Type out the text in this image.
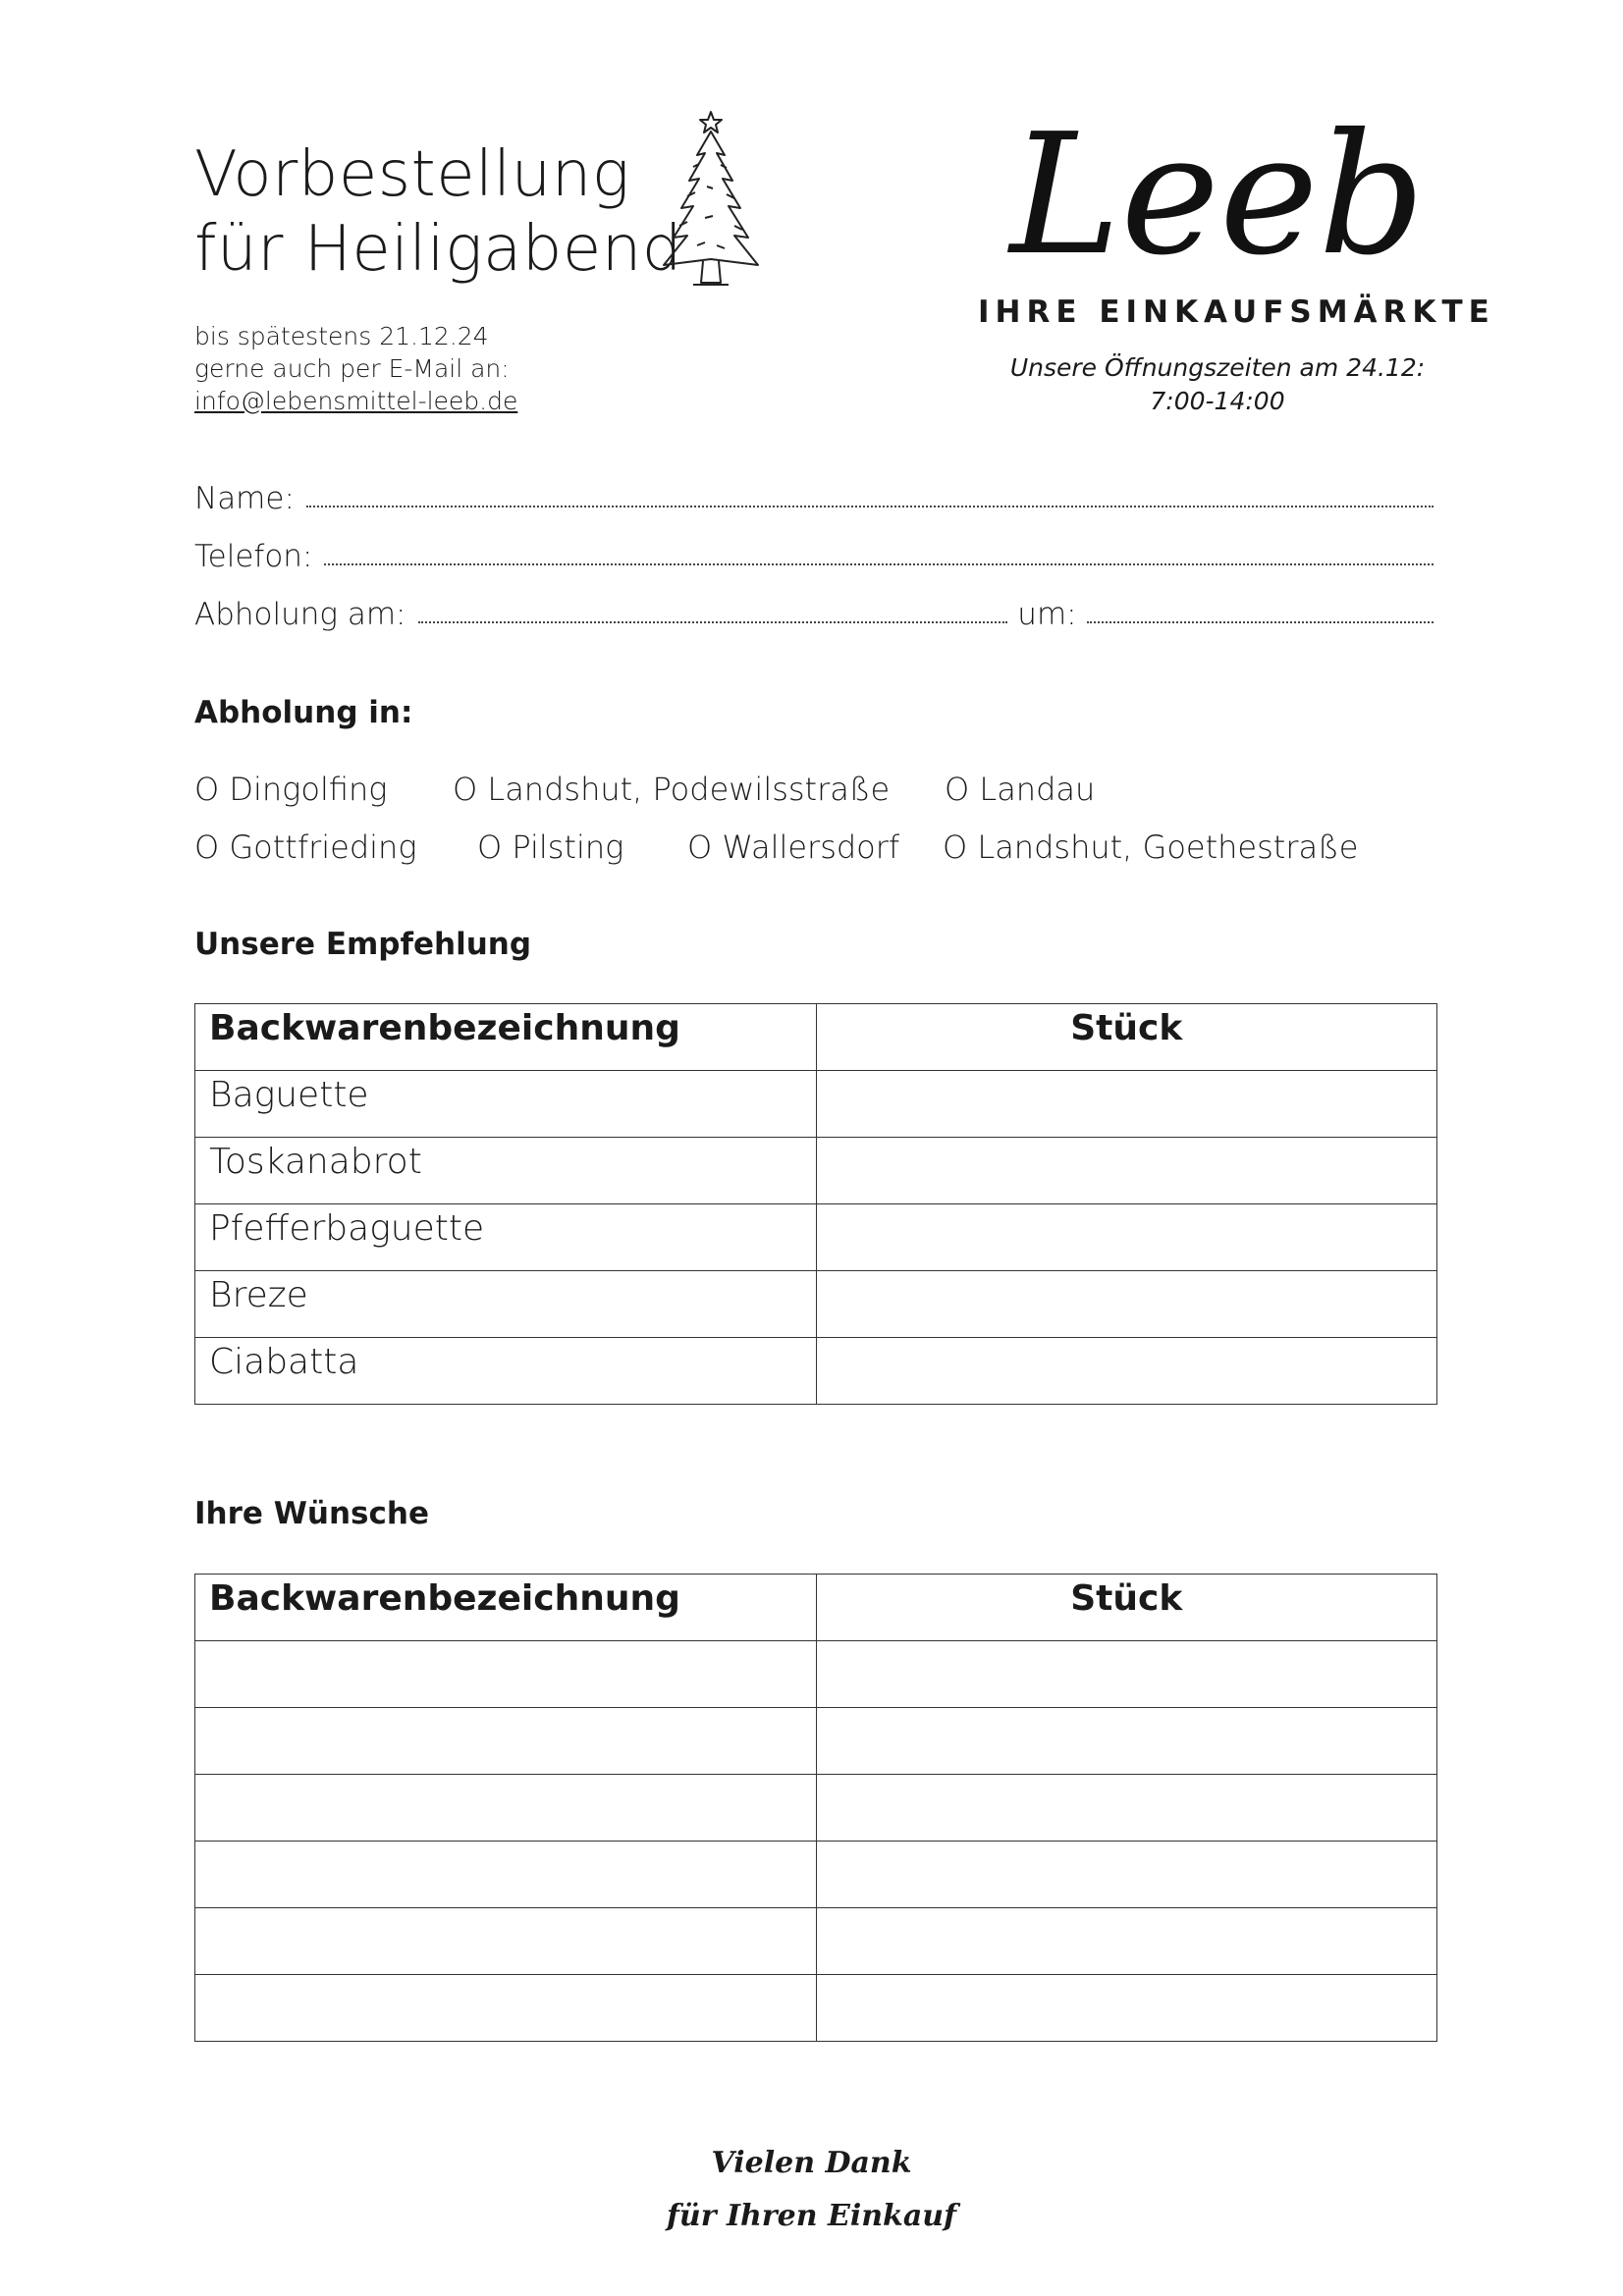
Vorbestellung
für Heiligabend
bis spätestens 21.12.24
gerne auch per E-Mail an:
info@lebensmittel-leeb.de
Leeb
IHRE EINKAUFSMÄRKTE
Unsere Öffnungszeiten am 24.12:
7:00-14:00
Name:
Telefon:
Abholung am:	um:
Abholung in:
O Dingolfing O Landshut, Podewilsstraße O Landau
O Gottfrieding O Pilsting O Wallersdorf O Landshut, Goethestraße
Unsere Empfehlung
Backwarenbezeichnung	Stück
Baguette	
Toskanabrot	
Pfefferbaguette	
Breze	
Ciabatta	
Ihre Wünsche
Backwarenbezeichnung	Stück

Vielen Dank
für Ihren Einkauf
